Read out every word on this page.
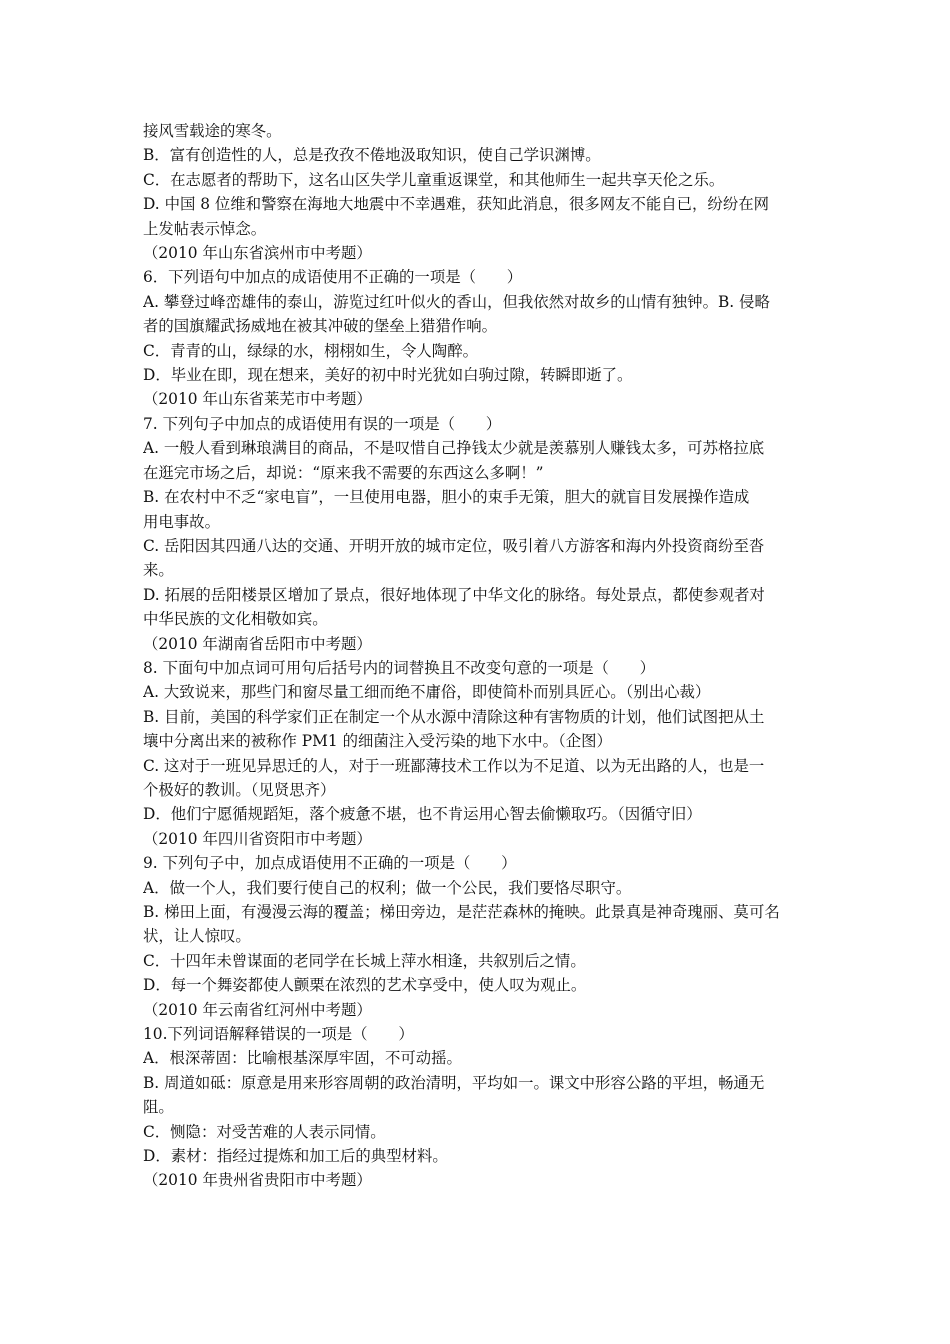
接风雪载途的寒冬。
B．富有创造性的人，总是孜孜不倦地汲取知识，使自己学识渊博。
C．在志愿者的帮助下，这名山区失学儿童重返课堂，和其他师生一起共享天伦之乐。
D. 中国 8 位维和警察在海地大地震中不幸遇难，获知此消息，很多网友不能自已，纷纷在网
上发帖表示悼念。
（2010 年山东省滨州市中考题）
6．下列语句中加点的成语使用不正确的一项是（　　）
A. 攀登过峰峦雄伟的泰山，游览过红叶似火的香山，但我依然对故乡的山情有独钟。B. 侵略
者的国旗耀武扬威地在被其冲破的堡垒上猎猎作响。
C．青青的山，绿绿的水，栩栩如生，令人陶醉。
D．毕业在即，现在想来，美好的初中时光犹如白驹过隙，转瞬即逝了。
（2010 年山东省莱芜市中考题）
7. 下列句子中加点的成语使用有误的一项是（　　）
A. 一般人看到琳琅满目的商品，不是叹惜自己挣钱太少就是羡慕别人赚钱太多，可苏格拉底
在逛完市场之后，却说：“原来我不需要的东西这么多啊！”
B. 在农村中不乏“家电盲”，一旦使用电器，胆小的束手无策，胆大的就盲目发展操作造成
用电事故。
C. 岳阳因其四通八达的交通、开明开放的城市定位，吸引着八方游客和海内外投资商纷至沓
来。
D. 拓展的岳阳楼景区增加了景点，很好地体现了中华文化的脉络。每处景点，都使参观者对
中华民族的文化相敬如宾。
（2010 年湖南省岳阳市中考题）
8. 下面句中加点词可用句后括号内的词替换且不改变句意的一项是（　　）
A. 大致说来，那些门和窗尽量工细而绝不庸俗，即使简朴而别具匠心。（别出心裁）
B. 目前，美国的科学家们正在制定一个从水源中清除这种有害物质的计划，他们试图把从土
壤中分离出来的被称作 PM1 的细菌注入受污染的地下水中。（企图）
C. 这对于一班见异思迁的人，对于一班鄙薄技术工作以为不足道、以为无出路的人，也是一
个极好的教训。（见贤思齐）
D．他们宁愿循规蹈矩，落个疲惫不堪，也不肯运用心智去偷懒取巧。（因循守旧）
（2010 年四川省资阳市中考题）
9. 下列句子中，加点成语使用不正确的一项是（　　）
A．做一个人，我们要行使自己的权利；做一个公民，我们要恪尽职守。
B. 梯田上面，有漫漫云海的覆盖；梯田旁边，是茫茫森林的掩映。此景真是神奇瑰丽、莫可名
状，让人惊叹。
C．十四年未曾谋面的老同学在长城上萍水相逢，共叙别后之情。
D．每一个舞姿都使人颤栗在浓烈的艺术享受中，使人叹为观止。
（2010 年云南省红河州中考题）
10.下列词语解释错误的一项是（　　）
A．根深蒂固：比喻根基深厚牢固，不可动摇。
B. 周道如砥：原意是用来形容周朝的政治清明，平均如一。课文中形容公路的平坦，畅通无
阻。
C．恻隐：对受苦难的人表示同情。
D．素材：指经过提炼和加工后的典型材料。
（2010 年贵州省贵阳市中考题）
